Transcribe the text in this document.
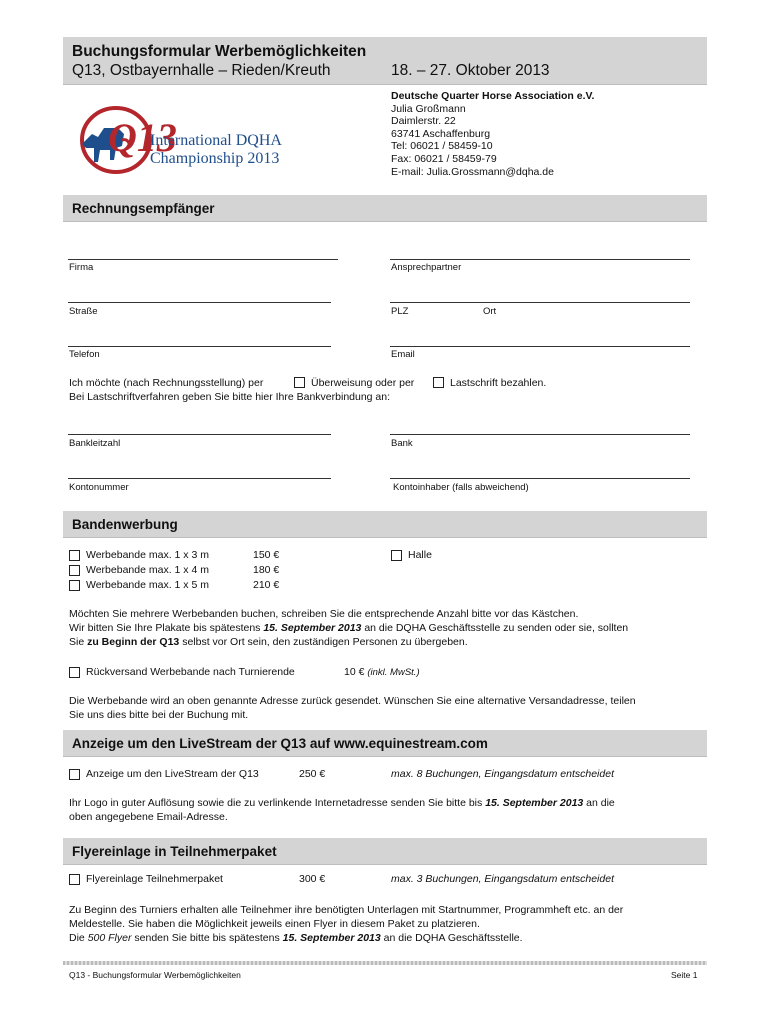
Buchungsformular Werbemöglichkeiten
Q13, Ostbayernhalle – Rieden/Kreuth	18. – 27. Oktober 2013
Q13
International DQHA
Championship 2013
Deutsche Quarter Horse Association e.V.
Julia Großmann
Daimlerstr. 22
63741 Aschaffenburg
Tel: 06021 / 58459-10
Fax: 06021 / 58459-79
E-mail: Julia.Grossmann@dqha.de
Rechnungsempfänger
Firma	Ansprechpartner
Straße	PLZ	Ort
Telefon	Email
Ich möchte (nach Rechnungsstellung) per	Überweisung oder per	Lastschrift bezahlen.
Bei Lastschriftverfahren geben Sie bitte hier Ihre Bankverbindung an:
Bankleitzahl	Bank
Kontonummer	Kontoinhaber (falls abweichend)
Bandenwerbung
Werbebande max. 1 x 3 m	150 €
Werbebande max. 1 x 4 m	180 €
Werbebande max. 1 x 5 m	210 €
Halle
Möchten Sie mehrere Werbebanden buchen, schreiben Sie die entsprechende Anzahl bitte vor das Kästchen.
Wir bitten Sie Ihre Plakate bis spätestens 15. September 2013 an die DQHA Geschäftsstelle zu senden oder sie, sollten
Sie zu Beginn der Q13 selbst vor Ort sein, den zuständigen Personen zu übergeben.
Rückversand Werbebande nach Turnierende	10 € (inkl. MwSt.)
Die Werbebande wird an oben genannte Adresse zurück gesendet. Wünschen Sie eine alternative Versandadresse, teilen
Sie uns dies bitte bei der Buchung mit.
Anzeige um den LiveStream der Q13 auf www.equinestream.com
Anzeige um den LiveStream der Q13	250 €	max. 8 Buchungen, Eingangsdatum entscheidet
Ihr Logo in guter Auflösung sowie die zu verlinkende Internetadresse senden Sie bitte bis 15. September 2013 an die
oben angegebene Email-Adresse.
Flyereinlage in Teilnehmerpaket
Flyereinlage Teilnehmerpaket	300 €	max. 3 Buchungen, Eingangsdatum entscheidet
Zu Beginn des Turniers erhalten alle Teilnehmer ihre benötigten Unterlagen mit Startnummer, Programmheft etc. an der
Meldestelle. Sie haben die Möglichkeit jeweils einen Flyer in diesem Paket zu platzieren.
Die 500 Flyer senden Sie bitte bis spätestens 15. September 2013 an die DQHA Geschäftsstelle.
Q13 - Buchungsformular Werbemöglichkeiten	Seite 1
